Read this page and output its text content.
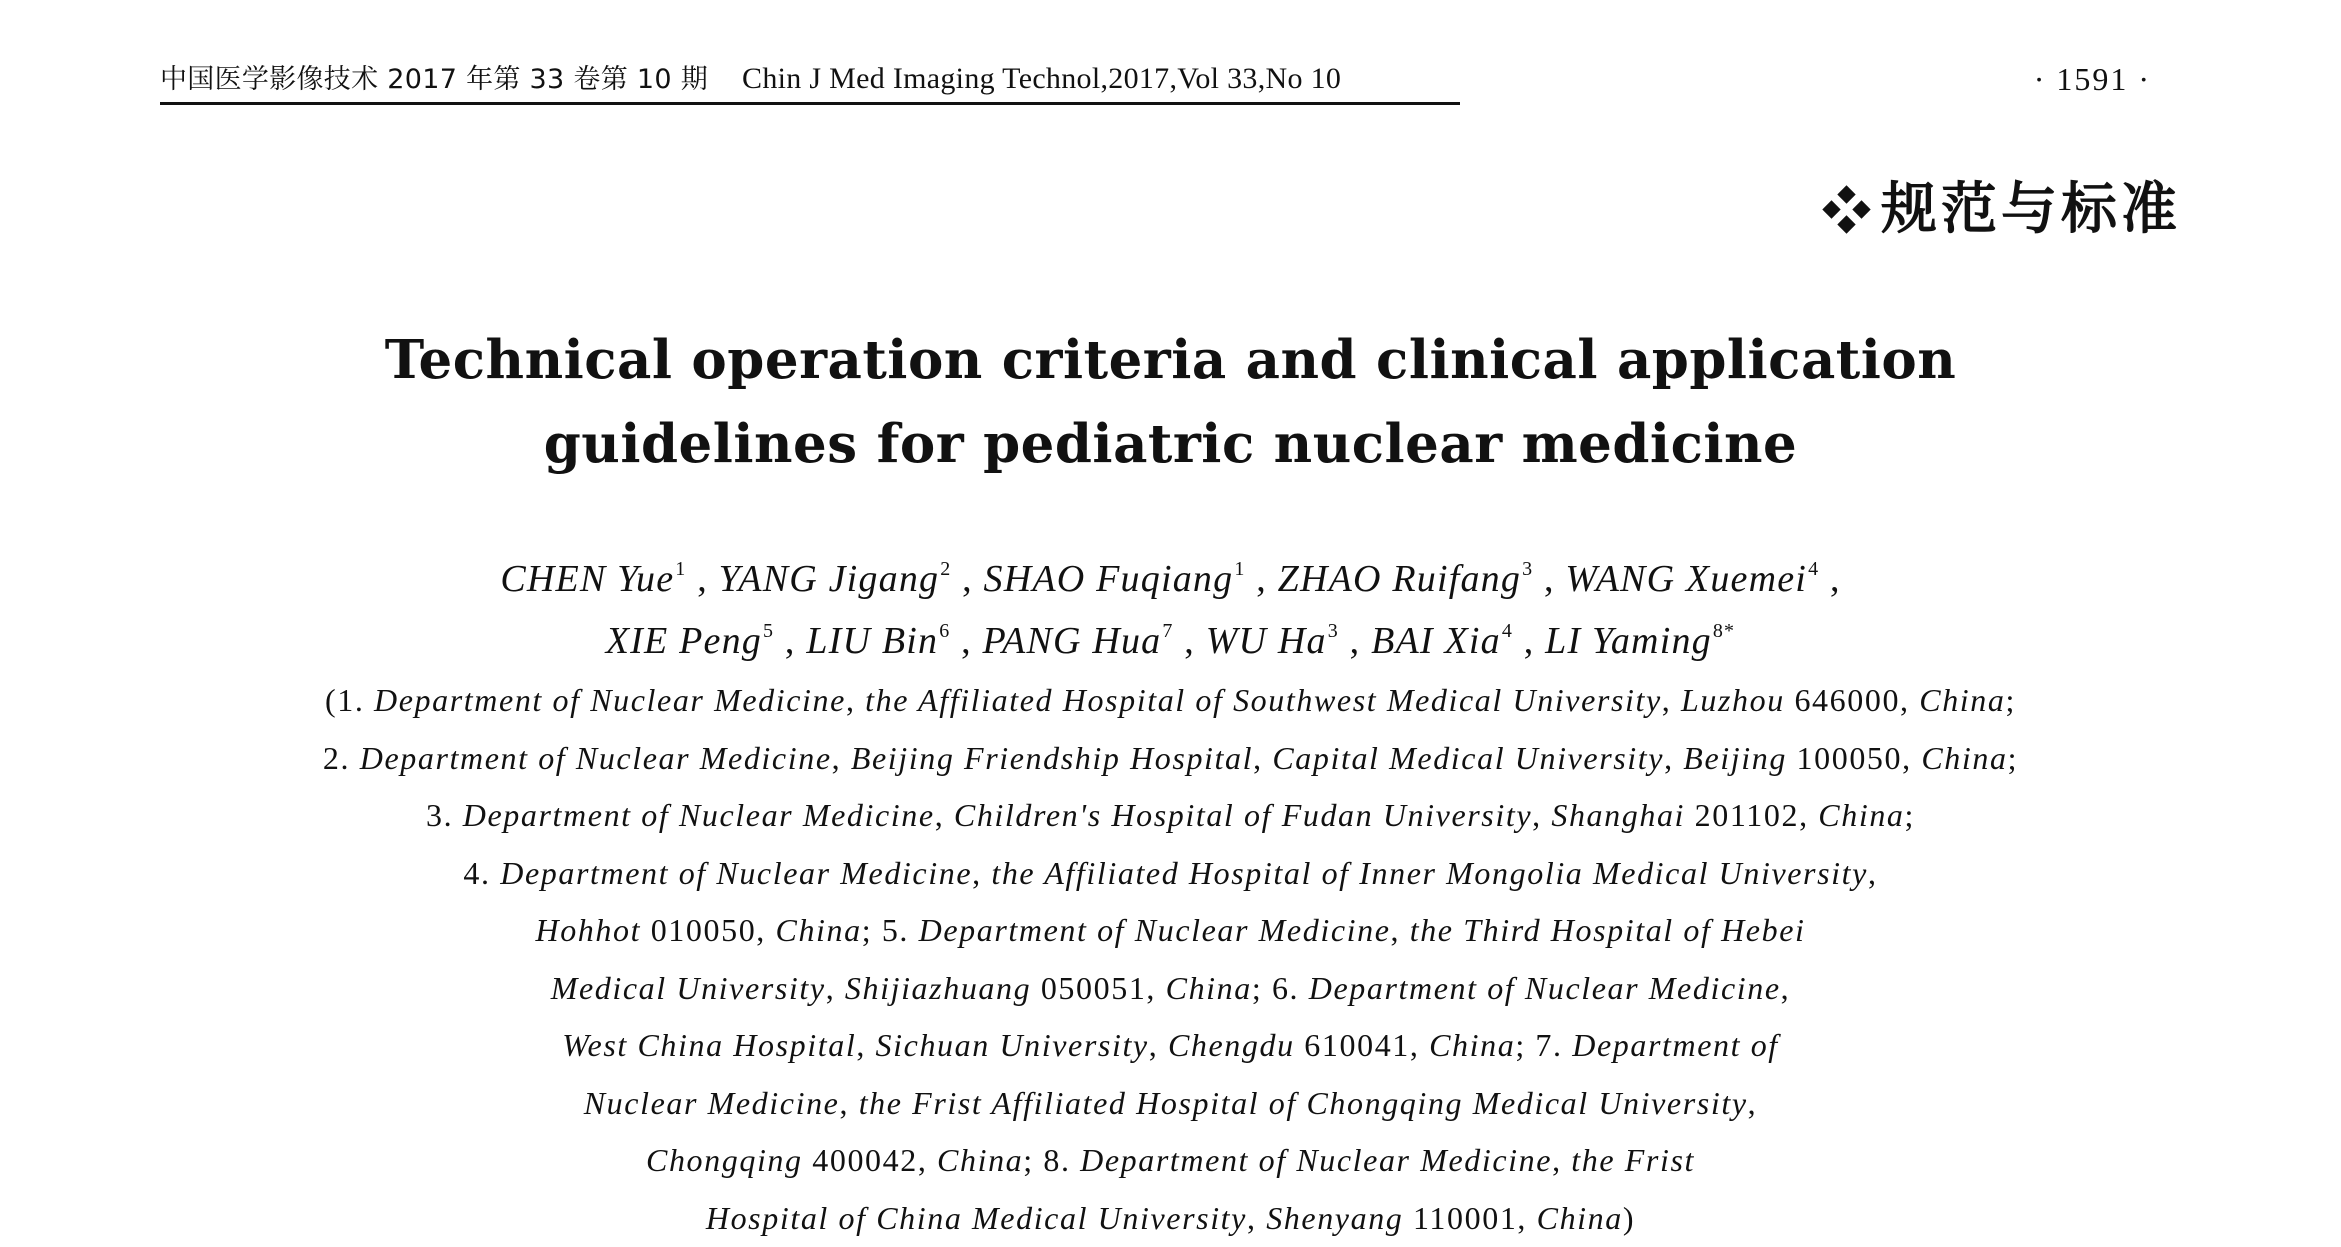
中国医学影像技术 2017 年第 33 卷第 10 期 Chin J Med Imaging Technol,2017,Vol 33,No 10	· 1591 ·
规范与标准
Technical operation criteria and clinical application
guidelines for pediatric nuclear medicine
CHEN Yue$^1$ , YANG Jigang$^2$ , SHAO Fuqiang$^1$ , ZHAO Ruifang$^3$ , WANG Xuemei$^4$ ,
XIE Peng$^5$ , LIU Bin$^6$ , PANG Hua$^7$ , WU Ha$^3$ , BAI Xia$^4$ , LI Yaming$^{8*}$
(1. Department of Nuclear Medicine, the Affiliated Hospital of Southwest Medical University, Luzhou 646000, China;
2. Department of Nuclear Medicine, Beijing Friendship Hospital, Capital Medical University, Beijing 100050, China;
3. Department of Nuclear Medicine, Children's Hospital of Fudan University, Shanghai 201102, China;
4. Department of Nuclear Medicine, the Affiliated Hospital of Inner Mongolia Medical University,
Hohhot 010050, China; 5. Department of Nuclear Medicine, the Third Hospital of Hebei
Medical University, Shijiazhuang 050051, China; 6. Department of Nuclear Medicine,
West China Hospital, Sichuan University, Chengdu 610041, China; 7. Department of
Nuclear Medicine, the Frist Affiliated Hospital of Chongqing Medical University,
Chongqing 400042, China; 8. Department of Nuclear Medicine, the Frist
Hospital of China Medical University, Shenyang 110001, China)
